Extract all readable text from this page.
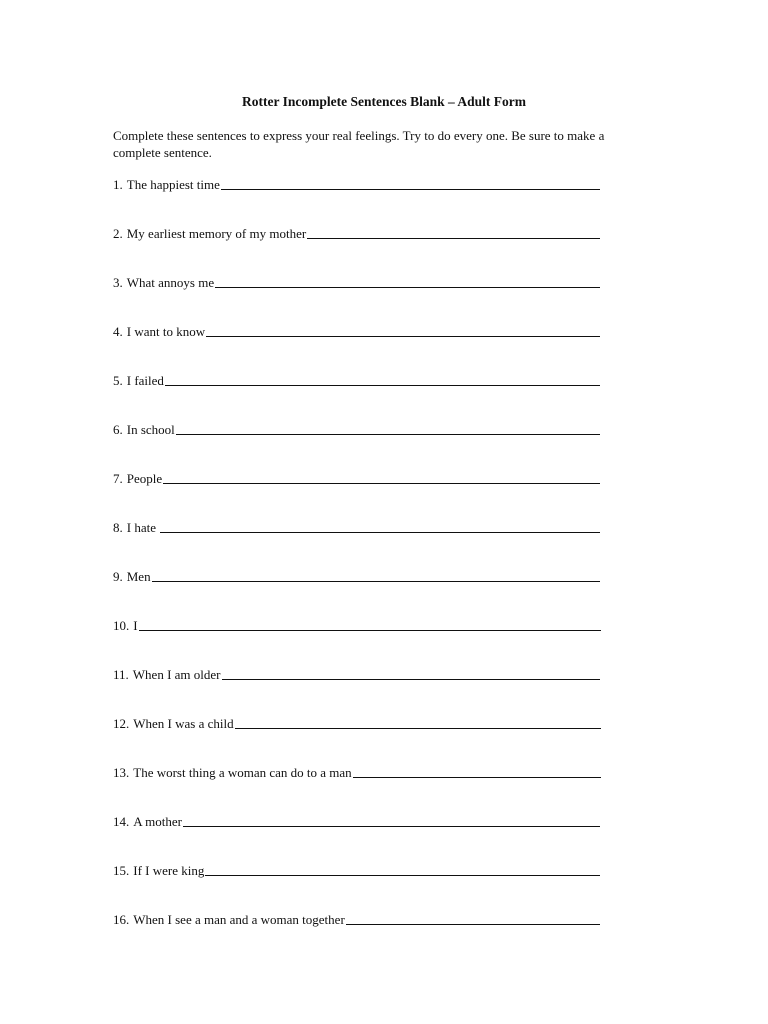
Rotter Incomplete Sentences Blank – Adult Form
Complete these sentences to express your real feelings. Try to do every one. Be sure to make a complete sentence.
1. The happiest time
2. My earliest memory of my mother
3. What annoys me
4. I want to know
5. I failed
6. In school
7. People
8. I hate
9. Men
10. I
11. When I am older
12. When I was a child
13. The worst thing a woman can do to a man
14. A mother
15. If I were king
16. When I see a man and a woman together
